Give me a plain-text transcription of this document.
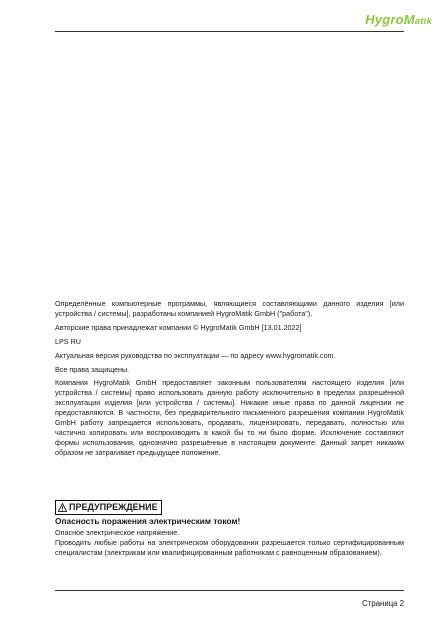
HygroMatik

Определённые компьютерные программы, являющиеся составляющими данного изделия [или устройства / системы], разработаны компанией HygroMatik GmbH ("работа").

Авторские права принадлежат компании © HygroMatik GmbH [13.01.2022]

LPS RU

Актуальная версия руководства по эксплуатации — по адресу www.hygromatik.com.

Все права защищены.

Компания HygroMatik GmbH предоставляет законным пользователям настоящего изделия [или устройства / системы] право использовать данную работу исключительно в пределах разрешённой эксплуатации изделия [или устройства / системы]. Никакие иные права по данной лицензии не предоставляются. В частности, без предварительного письменного разрешения компании HygroMatik GmbH работу запрещается использовать, продавать, лицензировать, передавать, полностью или частично копировать или воспроизводить в какой бы то ни было форме. Исключение составляют формы использования, однозначно разрешённые в настоящем документе. Данный запрет никаким образом не затрагивает предыдущее положение.

ПРЕДУПРЕЖДЕНИЕ

Опасность поражения электрическим током!

Опасное электрическое напряжение.

Проводить любые работы на электрическом оборудовании разрешается только сертифицированным специалистам (электрикам или квалифицированным работникам с равноценным образованием).

Страница 2
